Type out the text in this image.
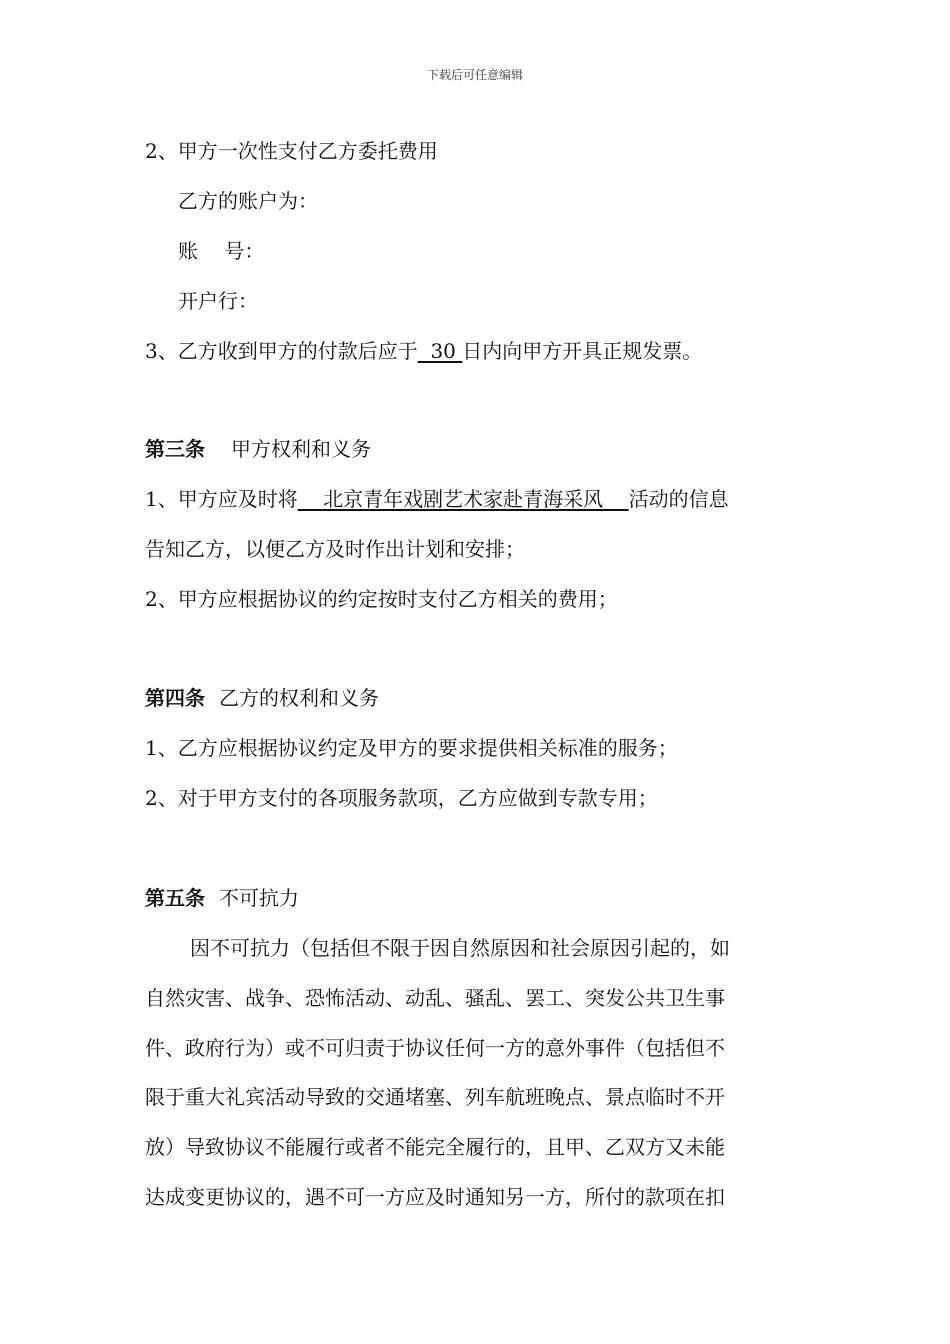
下载后可任意编辑
2、甲方一次性支付乙方委托费用
乙方的账户为：
账　 号：
开户行：
3、乙方收到甲方的付款后应于  30 日内向甲方开具正规发票。
第三条 甲方权利和义务
1、甲方应及时将    北京青年戏剧艺术家赴青海采风    活动的信息
告知乙方，以便乙方及时作出计划和安排；
2、甲方应根据协议的约定按时支付乙方相关的费用；
第四条 乙方的权利和义务
1、乙方应根据协议约定及甲方的要求提供相关标准的服务；
2、对于甲方支付的各项服务款项，乙方应做到专款专用；
第五条 不可抗力
因不可抗力（包括但不限于因自然原因和社会原因引起的，如
自然灾害、战争、恐怖活动、动乱、骚乱、罢工、突发公共卫生事
件、政府行为）或不可归责于协议任何一方的意外事件（包括但不
限于重大礼宾活动导致的交通堵塞、列车航班晚点、景点临时不开
放）导致协议不能履行或者不能完全履行的，且甲、乙双方又未能
达成变更协议的，遇不可一方应及时通知另一方，所付的款项在扣
